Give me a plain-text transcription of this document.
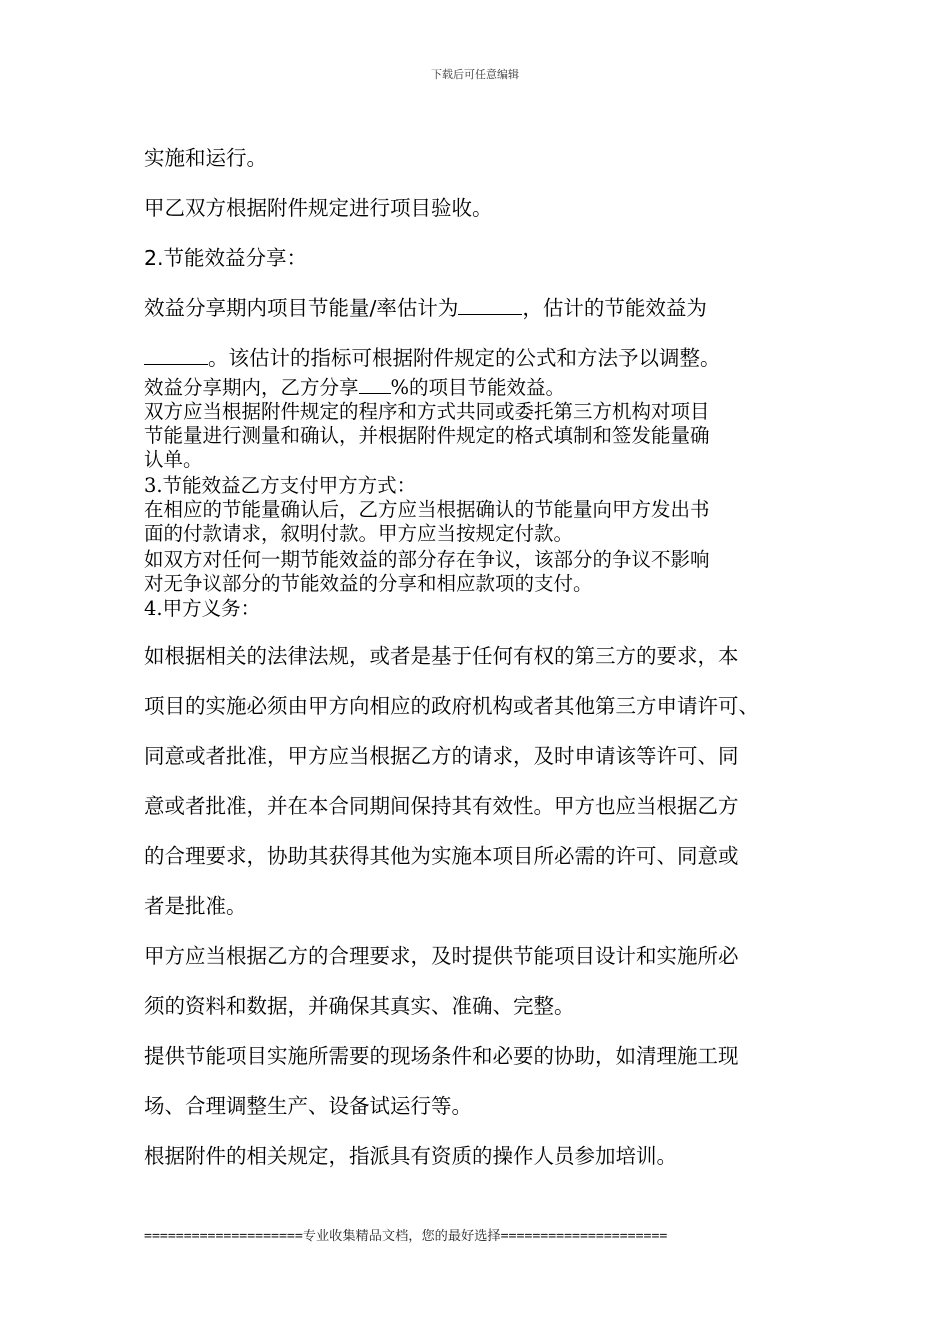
下载后可任意编辑
实施和运行。
甲乙双方根据附件规定进行项目验收。
2.节能效益分享：
效益分享期内项目节能量/率估计为	，估计的节能效益为
。该估计的指标可根据附件规定的公式和方法予以调整。
效益分享期内，乙方分享 %的项目节能效益。
双方应当根据附件规定的程序和方式共同或委托第三方机构对项目
节能量进行测量和确认，并根据附件规定的格式填制和签发能量确
认单。
3.节能效益乙方支付甲方方式：
在相应的节能量确认后，乙方应当根据确认的节能量向甲方发出书
面的付款请求，叙明付款。甲方应当按规定付款。
如双方对任何一期节能效益的部分存在争议，该部分的争议不影响
对无争议部分的节能效益的分享和相应款项的支付。
4.甲方义务：
如根据相关的法律法规，或者是基于任何有权的第三方的要求，本
项目的实施必须由甲方向相应的政府机构或者其他第三方申请许可、
同意或者批准，甲方应当根据乙方的请求，及时申请该等许可、同
意或者批准，并在本合同期间保持其有效性。甲方也应当根据乙方
的合理要求，协助其获得其他为实施本项目所必需的许可、同意或
者是批准。
甲方应当根据乙方的合理要求，及时提供节能项目设计和实施所必
须的资料和数据，并确保其真实、准确、完整。
提供节能项目实施所需要的现场条件和必要的协助，如清理施工现
场、合理调整生产、设备试运行等。
根据附件的相关规定，指派具有资质的操作人员参加培训。
====================专业收集精品文档，您的最好选择=====================
